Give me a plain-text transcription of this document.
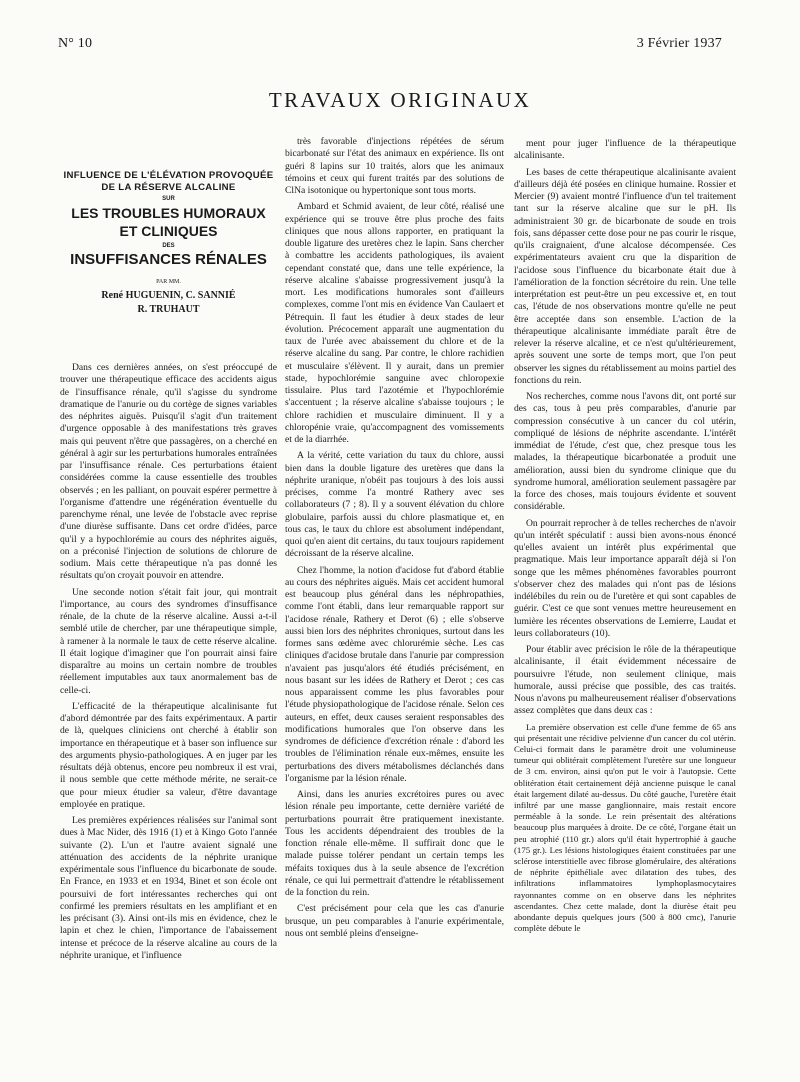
N° 10	3 Février 1937
TRAVAUX ORIGINAUX
INFLUENCE DE L'ÉLÉVATION PROVOQUÉE
DE LA RÉSERVE ALCALINE
SUR
LES TROUBLES HUMORAUX
ET CLINIQUES
DES
INSUFFISANCES RÉNALES
PAR MM.
René HUGUENIN, C. SANNIÉ
R. TRUHAUT

Dans ces dernières années, on s'est préoccupé de trouver une thérapeutique efficace des accidents aigus de l'insuffisance rénale, qu'il s'agisse du syndrome dramatique de l'anurie ou du cortège de signes variables des néphrites aiguës. Puisqu'il s'agit d'un traitement d'urgence opposable à des manifestations très graves mais qui peuvent n'être que passagères, on a cherché en général à agir sur les perturbations humorales entraînées par l'insuffisance rénale. Ces perturbations étaient considérées comme la cause essentielle des troubles observés ; en les palliant, on pouvait espérer permettre à l'organisme d'attendre une régénération éventuelle du parenchyme rénal, une levée de l'obstacle avec reprise d'une diurèse suffisante. Dans cet ordre d'idées, parce qu'il y a hypochlorémie au cours des néphrites aiguës, on a préconisé l'injection de solutions de chlorure de sodium. Mais cette thérapeutique n'a pas donné les résultats qu'on croyait pouvoir en attendre.

Une seconde notion s'était fait jour, qui montrait l'importance, au cours des syndromes d'insuffisance rénale, de la chute de la réserve alcaline. Aussi a-t-il semblé utile de chercher, par une thérapeutique simple, à ramener à la normale le taux de cette réserve alcaline. Il était logique d'imaginer que l'on pourrait ainsi faire disparaître au moins un certain nombre de troubles réellement imputables aux taux anormalement bas de celle-ci.

L'efficacité de la thérapeutique alcalinisante fut d'abord démontrée par des faits expérimentaux. A partir de là, quelques cliniciens ont cherché à établir son importance en thérapeutique et à baser son influence sur des arguments physio-pathologiques. A en juger par les résultats déjà obtenus, encore peu nombreux il est vrai, il nous semble que cette méthode mérite, ne serait-ce que pour mieux étudier sa valeur, d'être davantage employée en pratique.

Les premières expériences réalisées sur l'animal sont dues à Mac Nider, dès 1916 (1) et à Kingo Goto l'année suivante (2). L'un et l'autre avaient signalé une atténuation des accidents de la néphrite uranique expérimentale sous l'influence du bicarbonate de soude. En France, en 1933 et en 1934, Binet et son école ont poursuivi de fort intéressantes recherches qui ont confirmé les premiers résultats en les amplifiant et en les précisant (3). Ainsi ont-ils mis en évidence, chez le lapin et chez le chien, l'importance de l'abaissement intense et précoce de la réserve alcaline au cours de la néphrite uranique, et l'influence

très favorable d'injections répétées de sérum bicarbonaté sur l'état des animaux en expérience. Ils ont guéri 8 lapins sur 10 traités, alors que les animaux témoins et ceux qui furent traités par des solutions de ClNa isotonique ou hypertonique sont tous morts.

Ambard et Schmid avaient, de leur côté, réalisé une expérience qui se trouve être plus proche des faits cliniques que nous allons rapporter, en pratiquant la double ligature des uretères chez le lapin. Sans chercher à combattre les accidents pathologiques, ils avaient cependant constaté que, dans une telle expérience, la réserve alcaline s'abaisse progressivement jusqu'à la mort. Les modifications humorales sont d'ailleurs complexes, comme l'ont mis en évidence Van Caulaert et Pétrequin. Il faut les étudier à deux stades de leur évolution. Précocement apparaît une augmentation du taux de l'urée avec abaissement du chlore et de la réserve alcaline du sang. Par contre, le chlore rachidien et musculaire s'élèvent. Il y aurait, dans un premier stade, hypochlorémie sanguine avec chloropexie tissulaire. Plus tard l'azotémie et l'hypochlorémie s'accentuent ; la réserve alcaline s'abaisse toujours ; le chlore rachidien et musculaire diminuent. Il y a chloropénie vraie, qu'accompagnent des vomissements et de la diarrhée.

A la vérité, cette variation du taux du chlore, aussi bien dans la double ligature des uretères que dans la néphrite uranique, n'obéit pas toujours à des lois aussi précises, comme l'a montré Rathery avec ses collaborateurs (7 ; 8). Il y a souvent élévation du chlore globulaire, parfois aussi du chlore plasmatique et, en tous cas, le taux du chlore est absolument indépendant, quoi qu'en aient dit certains, du taux toujours rapidement décroissant de la réserve alcaline.

Chez l'homme, la notion d'acidose fut d'abord établie au cours des néphrites aiguës. Mais cet accident humoral est beaucoup plus général dans les néphropathies, comme l'ont établi, dans leur remarquable rapport sur l'acidose rénale, Rathery et Derot (6) ; elle s'observe aussi bien lors des néphrites chroniques, surtout dans les formes sans œdème avec chlorurémie sèche. Les cas cliniques d'acidose brutale dans l'anurie par compression n'avaient pas jusqu'alors été étudiés précisément, en nous basant sur les idées de Rathery et Derot ; ces cas nous apparaissent comme les plus favorables pour l'étude physiopathologique de l'acidose rénale. Selon ces auteurs, en effet, deux causes seraient responsables des modifications humorales que l'on observe dans les syndromes de déficience d'excrétion rénale : d'abord les troubles de l'élimination rénale eux-mêmes, ensuite les perturbations des divers métabolismes déclanchés dans l'organisme par la lésion rénale.

Ainsi, dans les anuries excrétoires pures ou avec lésion rénale peu importante, cette dernière variété de perturbations pourrait être pratiquement inexistante. Tous les accidents dépendraient des troubles de la fonction rénale elle-même. Il suffirait donc que le malade puisse tolérer pendant un certain temps les méfaits toxiques dus à la seule absence de l'excrétion rénale, ce qui lui permettrait d'attendre le rétablissement de la fonction du rein.

C'est précisément pour cela que les cas d'anurie brusque, un peu comparables à l'anurie expérimentale, nous ont semblé pleins d'enseigne-

ment pour juger l'influence de la thérapeutique alcalinisante.

Les bases de cette thérapeutique alcalinisante avaient d'ailleurs déjà été posées en clinique humaine. Rossier et Mercier (9) avaient montré l'influence d'un tel traitement tant sur la réserve alcaline que sur le pH. Ils administraient 30 gr. de bicarbonate de soude en trois fois, sans dépasser cette dose pour ne pas courir le risque, qu'ils craignaient, d'une alcalose décompensée. Ces expérimentateurs avaient cru que la disparition de l'acidose sous l'influence du bicarbonate était due à l'amélioration de la fonction sécrétoire du rein. Une telle interprétation est peut-être un peu excessive et, en tout cas, l'étude de nos observations montre qu'elle ne peut être acceptée dans son ensemble. L'action de la thérapeutique alcalinisante immédiate paraît être de relever la réserve alcaline, et ce n'est qu'ultérieurement, après souvent une sorte de temps mort, que l'on peut observer les signes du rétablissement au moins partiel des fonctions du rein.

Nos recherches, comme nous l'avons dit, ont porté sur des cas, tous à peu près comparables, d'anurie par compression consécutive à un cancer du col utérin, compliqué de lésions de néphrite ascendante. L'intérêt immédiat de l'étude, c'est que, chez presque tous les malades, la thérapeutique bicarbonatée a produit une amélioration, aussi bien du syndrome clinique que du syndrome humoral, amélioration seulement passagère par la force des choses, mais toujours évidente et souvent considérable.

On pourrait reprocher à de telles recherches de n'avoir qu'un intérêt spéculatif : aussi bien avons-nous énoncé qu'elles avaient un intérêt plus expérimental que pragmatique. Mais leur importance apparaît déjà si l'on songe que les mêmes phénomènes favorables pourront s'observer chez des malades qui n'ont pas de lésions indélébiles du rein ou de l'uretère et qui sont capables de guérir. C'est ce que sont venues mettre heureusement en lumière les récentes observations de Lemierre, Laudat et leurs collaborateurs (10).

Pour établir avec précision le rôle de la thérapeutique alcalinisante, il était évidemment nécessaire de poursuivre l'étude, non seulement clinique, mais humorale, aussi précise que possible, des cas traités. Nous n'avons pu malheureusement réaliser d'observations assez complètes que dans deux cas :

La première observation est celle d'une femme de 65 ans qui présentait une récidive pelvienne d'un cancer du col utérin. Celui-ci formait dans le paramètre droit une volumineuse tumeur qui oblitérait complètement l'uretère sur une longueur de 3 cm. environ, ainsi qu'on put le voir à l'autopsie. Cette oblitération était certainement déjà ancienne puisque le canal était largement dilaté au-dessus. Du côté gauche, l'uretère était infiltré par une masse ganglionnaire, mais restait encore perméable à la sonde. Le rein présentait des altérations beaucoup plus marquées à droite. De ce côté, l'organe était un peu atrophié (110 gr.) alors qu'il était hypertrophié à gauche (175 gr.). Les lésions histologiques étaient constituées par une sclérose interstitielle avec fibrose glomérulaire, des altérations de néphrite épithéliale avec dilatation des tubes, des infiltrations inflammatoires lymphoplasmocytaires rayonnantes comme on en observe dans les néphrites ascendantes. Chez cette malade, dont la diurèse était peu abondante depuis quelques jours (500 à 800 cmc), l'anurie complète débute le
